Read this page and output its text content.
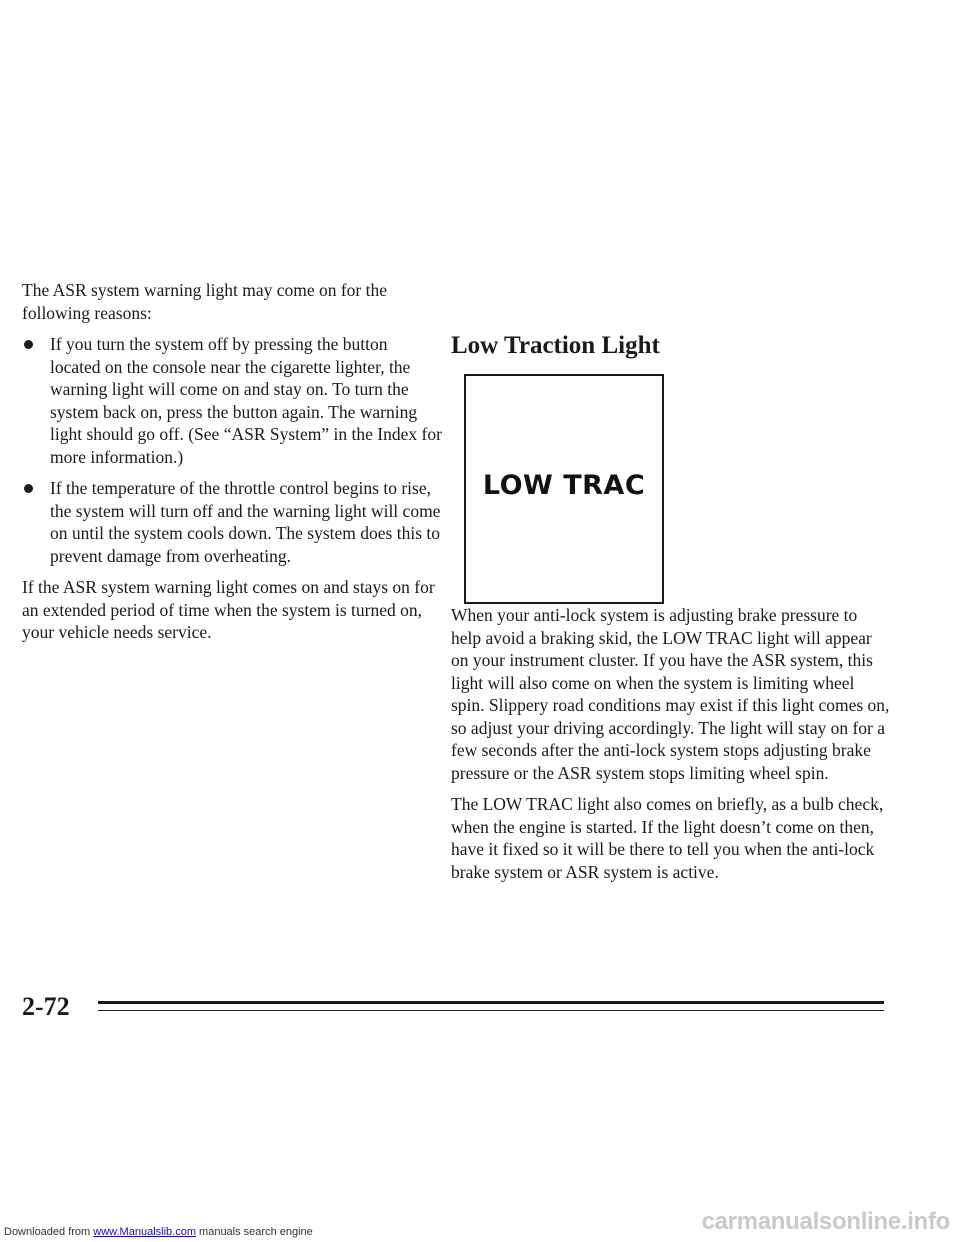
The ASR system warning light may come on for the following reasons:

If you turn the system off by pressing the button located on the console near the cigarette lighter, the warning light will come on and stay on. To turn the system back on, press the button again. The warning light should go off. (See “ASR System” in the Index for more information.)
If the temperature of the throttle control begins to rise, the system will turn off and the warning light will come on until the system cools down. The system does this to prevent damage from overheating.

If the ASR system warning light comes on and stays on for an extended period of time when the system is turned on, your vehicle needs service.

Low Traction Light
LOW TRAC

When your anti-lock system is adjusting brake pressure to help avoid a braking skid, the LOW TRAC light will appear on your instrument cluster. If you have the ASR system, this light will also come on when the system is limiting wheel spin. Slippery road conditions may exist if this light comes on, so adjust your driving accordingly. The light will stay on for a few seconds after the anti-lock system stops adjusting brake pressure or the ASR system stops limiting wheel spin.

The LOW TRAC light also comes on briefly, as a bulb check, when the engine is started. If the light doesn’t come on then, have it fixed so it will be there to tell you when the anti-lock brake system or ASR system is active.

2-72

Downloaded from www.Manualslib.com manuals search engine	carmanualsonline.info
